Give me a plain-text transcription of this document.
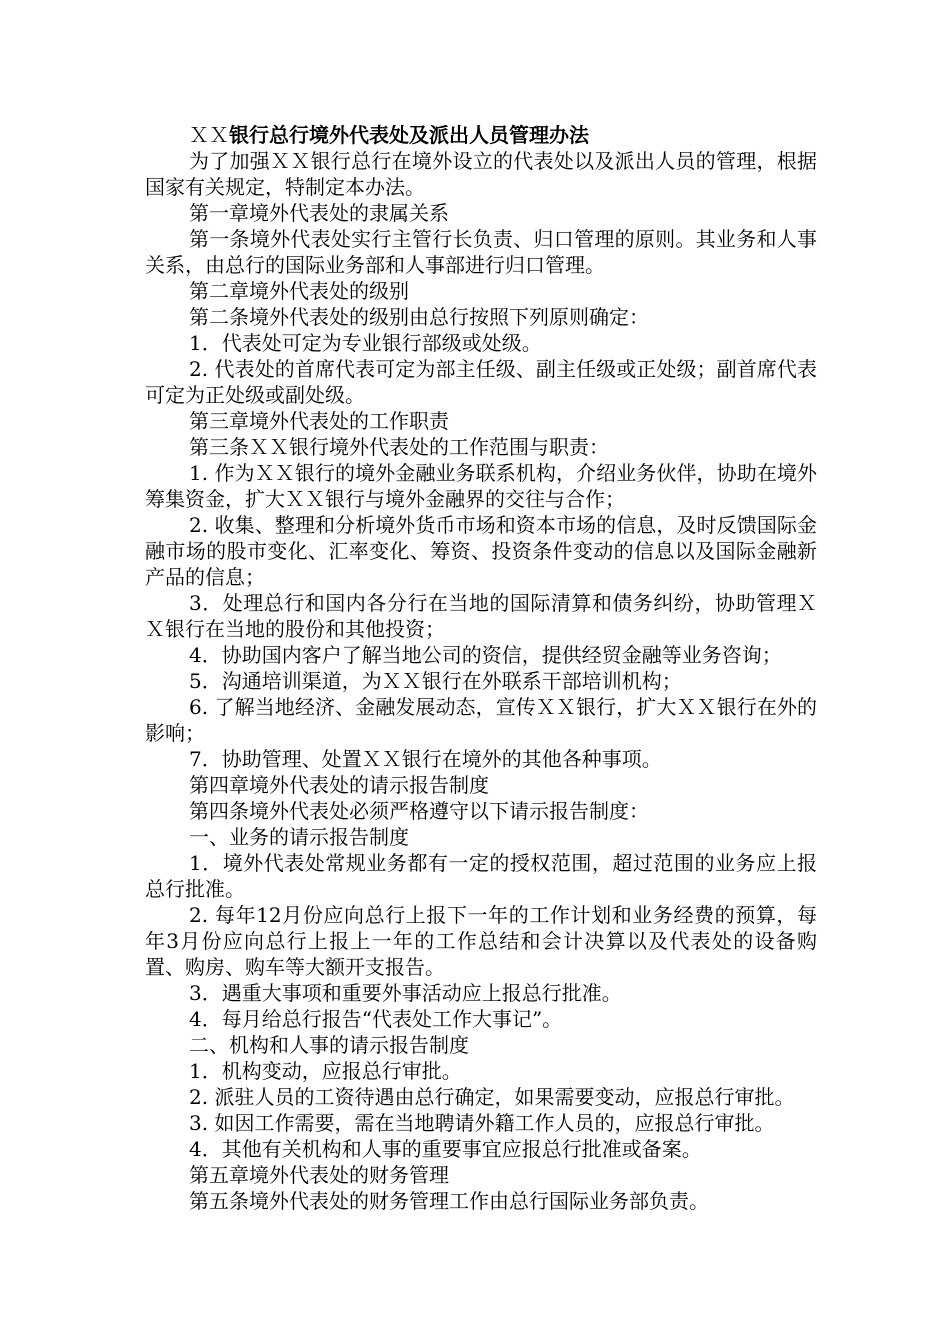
ＸＸ银行总行境外代表处及派出人员管理办法

为了加强ＸＸ银行总行在境外设立的代表处以及派出人员的管理，根据国家有关规定，特制定本办法。

第一章境外代表处的隶属关系

第一条境外代表处实行主管行长负责、归口管理的原则。其业务和人事关系，由总行的国际业务部和人事部进行归口管理。

第二章境外代表处的级别

第二条境外代表处的级别由总行按照下列原则确定：

1．代表处可定为专业银行部级或处级。

2. 代表处的首席代表可定为部主任级、副主任级或正处级；副首席代表可定为正处级或副处级。

第三章境外代表处的工作职责

第三条ＸＸ银行境外代表处的工作范围与职责：

1. 作为ＸＸ银行的境外金融业务联系机构，介绍业务伙伴，协助在境外筹集资金，扩大ＸＸ银行与境外金融界的交往与合作；

2. 收集、整理和分析境外货币市场和资本市场的信息，及时反馈国际金融市场的股市变化、汇率变化、筹资、投资条件变动的信息以及国际金融新产品的信息；

3．处理总行和国内各分行在当地的国际清算和债务纠纷，协助管理ＸＸ银行在当地的股份和其他投资；

4．协助国内客户了解当地公司的资信，提供经贸金融等业务咨询；

5．沟通培训渠道，为ＸＸ银行在外联系干部培训机构；

6. 了解当地经济、金融发展动态，宣传ＸＸ银行，扩大ＸＸ银行在外的影响；

7．协助管理、处置ＸＸ银行在境外的其他各种事项。

第四章境外代表处的请示报告制度

第四条境外代表处必须严格遵守以下请示报告制度：

一、业务的请示报告制度

1．境外代表处常规业务都有一定的授权范围，超过范围的业务应上报总行批准。

2. 每年12月份应向总行上报下一年的工作计划和业务经费的预算，每年3月份应向总行上报上一年的工作总结和会计决算以及代表处的设备购置、购房、购车等大额开支报告。

3．遇重大事项和重要外事活动应上报总行批准。

4．每月给总行报告“代表处工作大事记”。

二、机构和人事的请示报告制度

1．机构变动，应报总行审批。

2. 派驻人员的工资待遇由总行确定，如果需要变动，应报总行审批。

3. 如因工作需要，需在当地聘请外籍工作人员的，应报总行审批。

4．其他有关机构和人事的重要事宜应报总行批准或备案。

第五章境外代表处的财务管理

第五条境外代表处的财务管理工作由总行国际业务部负责。
